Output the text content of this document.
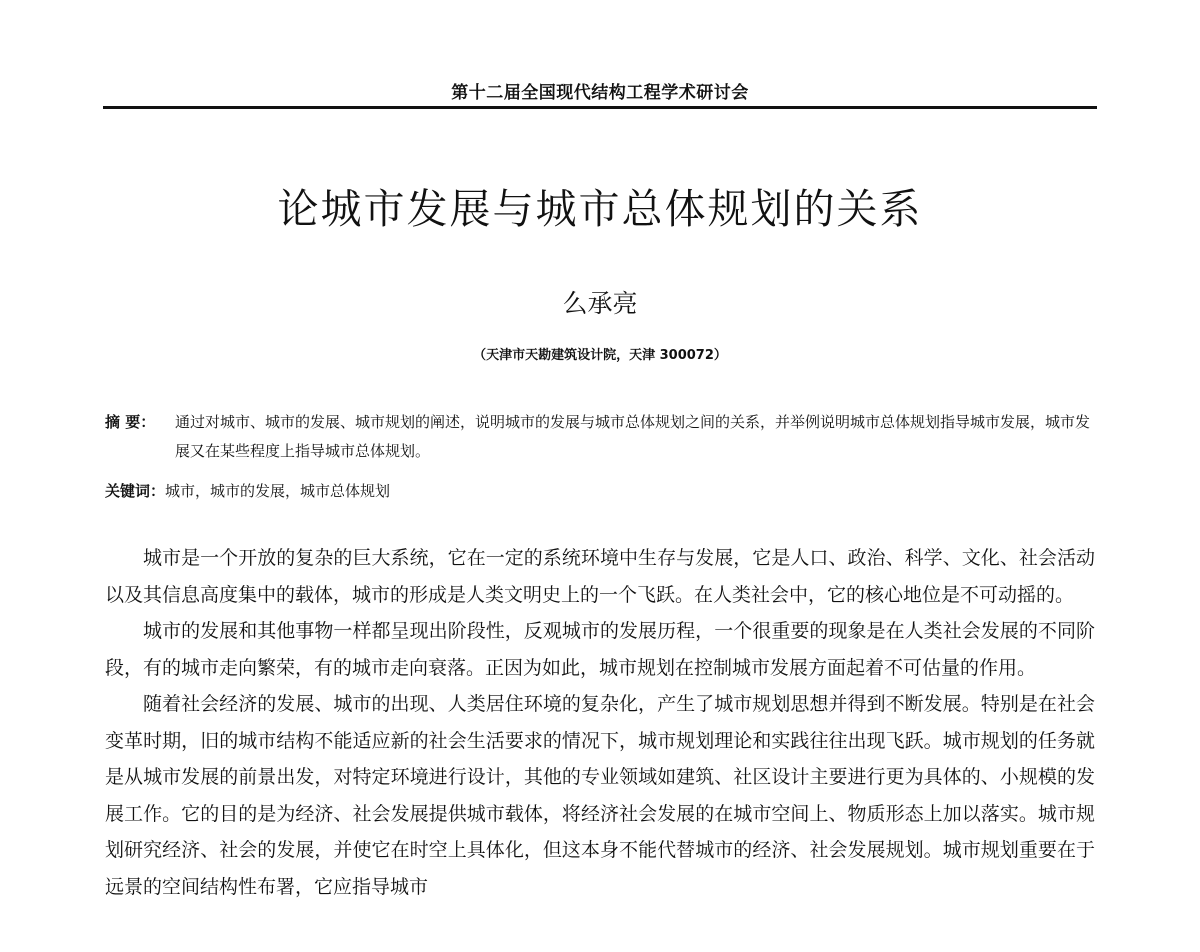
第十二届全国现代结构工程学术研讨会
论城市发展与城市总体规划的关系
么承亮
（天津市天勘建筑设计院，天津 300072）
摘 要：	通过对城市、城市的发展、城市规划的阐述，说明城市的发展与城市总体规划之间的关系，并举例说明城市总体规划指导城市发展，城市发展又在某些程度上指导城市总体规划。
关键词：城市，城市的发展，城市总体规划

城市是一个开放的复杂的巨大系统，它在一定的系统环境中生存与发展，它是人口、政治、科学、文化、社会活动以及其信息高度集中的载体，城市的形成是人类文明史上的一个飞跃。在人类社会中，它的核心地位是不可动摇的。

城市的发展和其他事物一样都呈现出阶段性，反观城市的发展历程，一个很重要的现象是在人类社会发展的不同阶段，有的城市走向繁荣，有的城市走向衰落。正因为如此，城市规划在控制城市发展方面起着不可估量的作用。

随着社会经济的发展、城市的出现、人类居住环境的复杂化，产生了城市规划思想并得到不断发展。特别是在社会变革时期，旧的城市结构不能适应新的社会生活要求的情况下，城市规划理论和实践往往出现飞跃。城市规划的任务就是从城市发展的前景出发，对特定环境进行设计，其他的专业领域如建筑、社区设计主要进行更为具体的、小规模的发展工作。它的目的是为经济、社会发展提供城市载体，将经济社会发展的在城市空间上、物质形态上加以落实。城市规划研究经济、社会的发展，并使它在时空上具体化，但这本身不能代替城市的经济、社会发展规划。城市规划重要在于远景的空间结构性布署，它应指导城市
